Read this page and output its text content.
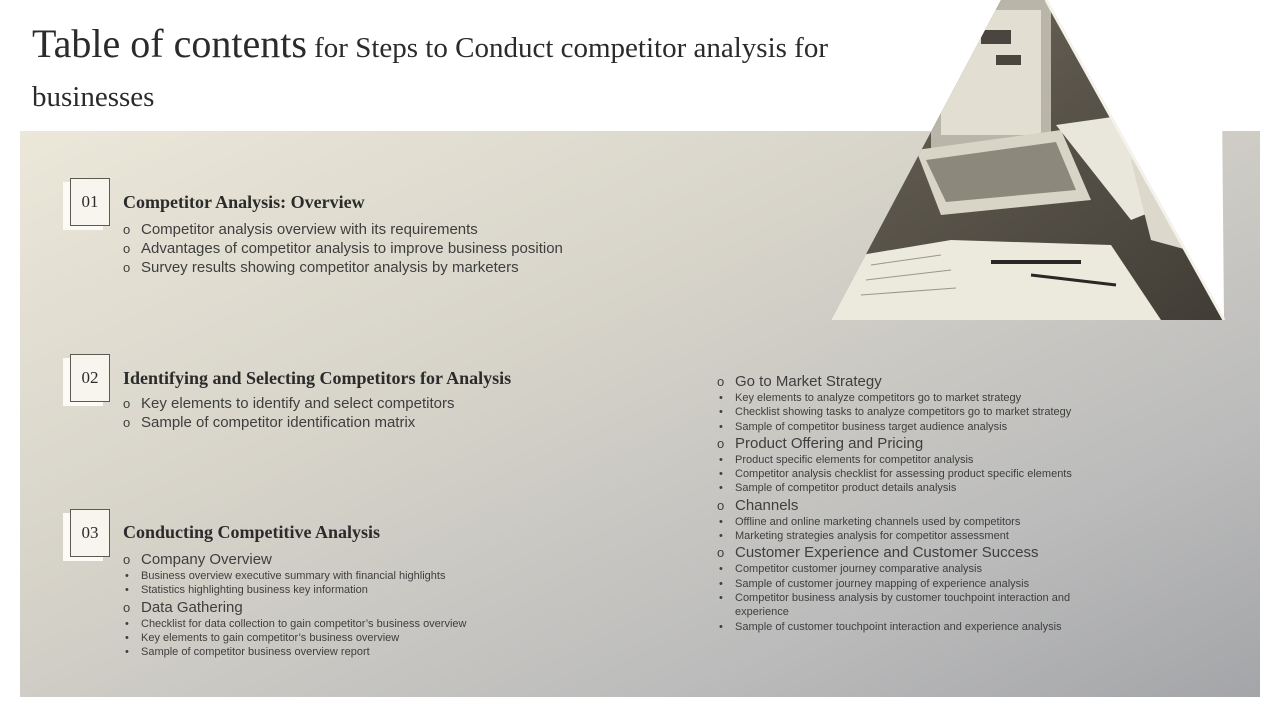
Table of contents for Steps to Conduct competitor analysis for businesses
01	Competitor Analysis: Overview
o Competitor analysis overview with its requirements
o Advantages of competitor analysis to improve business position
o Survey results showing competitor analysis by marketers
02	Identifying and Selecting Competitors for Analysis
o Key elements to identify and select competitors
o Sample of competitor identification matrix
03	Conducting Competitive Analysis
o Company Overview
• Business overview executive summary with financial highlights
• Statistics highlighting business key information
o Data Gathering
• Checklist for data collection to gain competitor’s business overview
• Key elements to gain competitor’s business overview
• Sample of competitor business overview report
o Go to Market Strategy
• Key elements to analyze competitors go to market strategy
• Checklist showing tasks to analyze competitors go to market strategy
• Sample of competitor business target audience analysis
o Product Offering and Pricing
• Product specific elements for competitor analysis
• Competitor analysis checklist for assessing product specific elements
• Sample of competitor product details analysis
o Channels
• Offline and online marketing channels used by competitors
• Marketing strategies analysis for competitor assessment
o Customer Experience and Customer Success
• Competitor customer journey comparative analysis
• Sample of customer journey mapping of experience analysis
• Competitor business analysis by customer touchpoint interaction and experience
• Sample of customer touchpoint interaction and experience analysis
